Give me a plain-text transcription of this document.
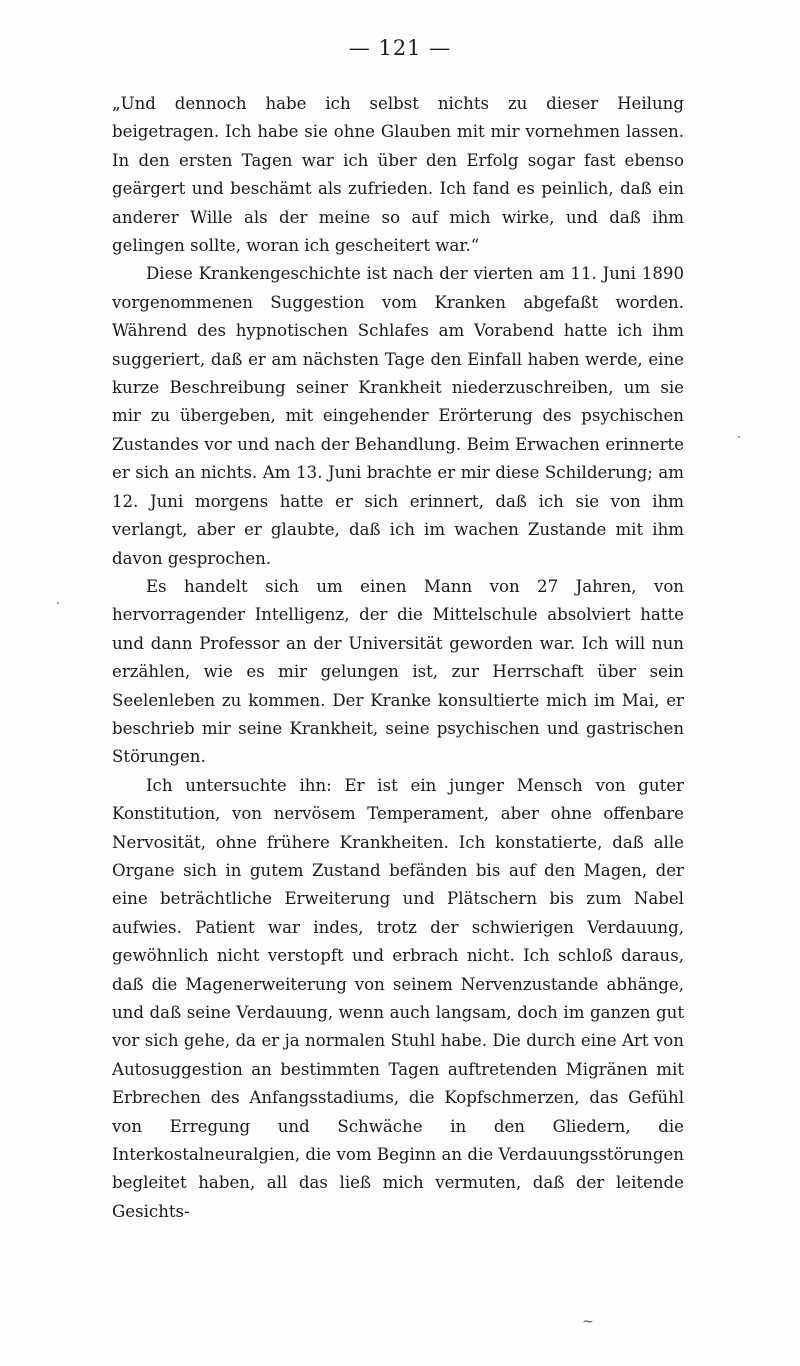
— 121 —

„Und dennoch habe ich selbst nichts zu dieser Heilung beigetragen. Ich habe sie ohne Glauben mit mir vornehmen lassen. In den ersten Tagen war ich über den Erfolg sogar fast ebenso geärgert und beschämt als zufrieden. Ich fand es peinlich, daß ein anderer Wille als der meine so auf mich wirke, und daß ihm gelingen sollte, woran ich gescheitert war.“

Diese Krankengeschichte ist nach der vierten am 11. Juni 1890 vorgenommenen Suggestion vom Kranken abgefaßt worden. Während des hypnotischen Schlafes am Vorabend hatte ich ihm suggeriert, daß er am nächsten Tage den Einfall haben werde, eine kurze Beschreibung seiner Krankheit niederzuschreiben, um sie mir zu übergeben, mit eingehender Erörterung des psychischen Zustandes vor und nach der Behandlung. Beim Erwachen erinnerte er sich an nichts. Am 13. Juni brachte er mir diese Schilderung; am 12. Juni morgens hatte er sich erinnert, daß ich sie von ihm verlangt, aber er glaubte, daß ich im wachen Zustande mit ihm davon gesprochen.

Es handelt sich um einen Mann von 27 Jahren, von hervorragender Intelligenz, der die Mittelschule absolviert hatte und dann Professor an der Universität geworden war. Ich will nun erzählen, wie es mir gelungen ist, zur Herrschaft über sein Seelenleben zu kommen. Der Kranke konsultierte mich im Mai, er beschrieb mir seine Krankheit, seine psychischen und gastrischen Störungen.

Ich untersuchte ihn: Er ist ein junger Mensch von guter Konstitution, von nervösem Temperament, aber ohne offenbare Nervosität, ohne frühere Krankheiten. Ich konstatierte, daß alle Organe sich in gutem Zustand befänden bis auf den Magen, der eine beträchtliche Erweiterung und Plätschern bis zum Nabel aufwies. Patient war indes, trotz der schwierigen Verdauung, gewöhnlich nicht verstopft und erbrach nicht. Ich schloß daraus, daß die Magenerweiterung von seinem Nervenzustande abhänge, und daß seine Verdauung, wenn auch langsam, doch im ganzen gut vor sich gehe, da er ja normalen Stuhl habe. Die durch eine Art von Autosuggestion an bestimmten Tagen auftretenden Migränen mit Erbrechen des Anfangsstadiums, die Kopfschmerzen, das Gefühl von Erregung und Schwäche in den Gliedern, die Interkostalneuralgien, die vom Beginn an die Verdauungsstörungen begleitet haben, all das ließ mich vermuten, daß der leitende Gesichts-

~
